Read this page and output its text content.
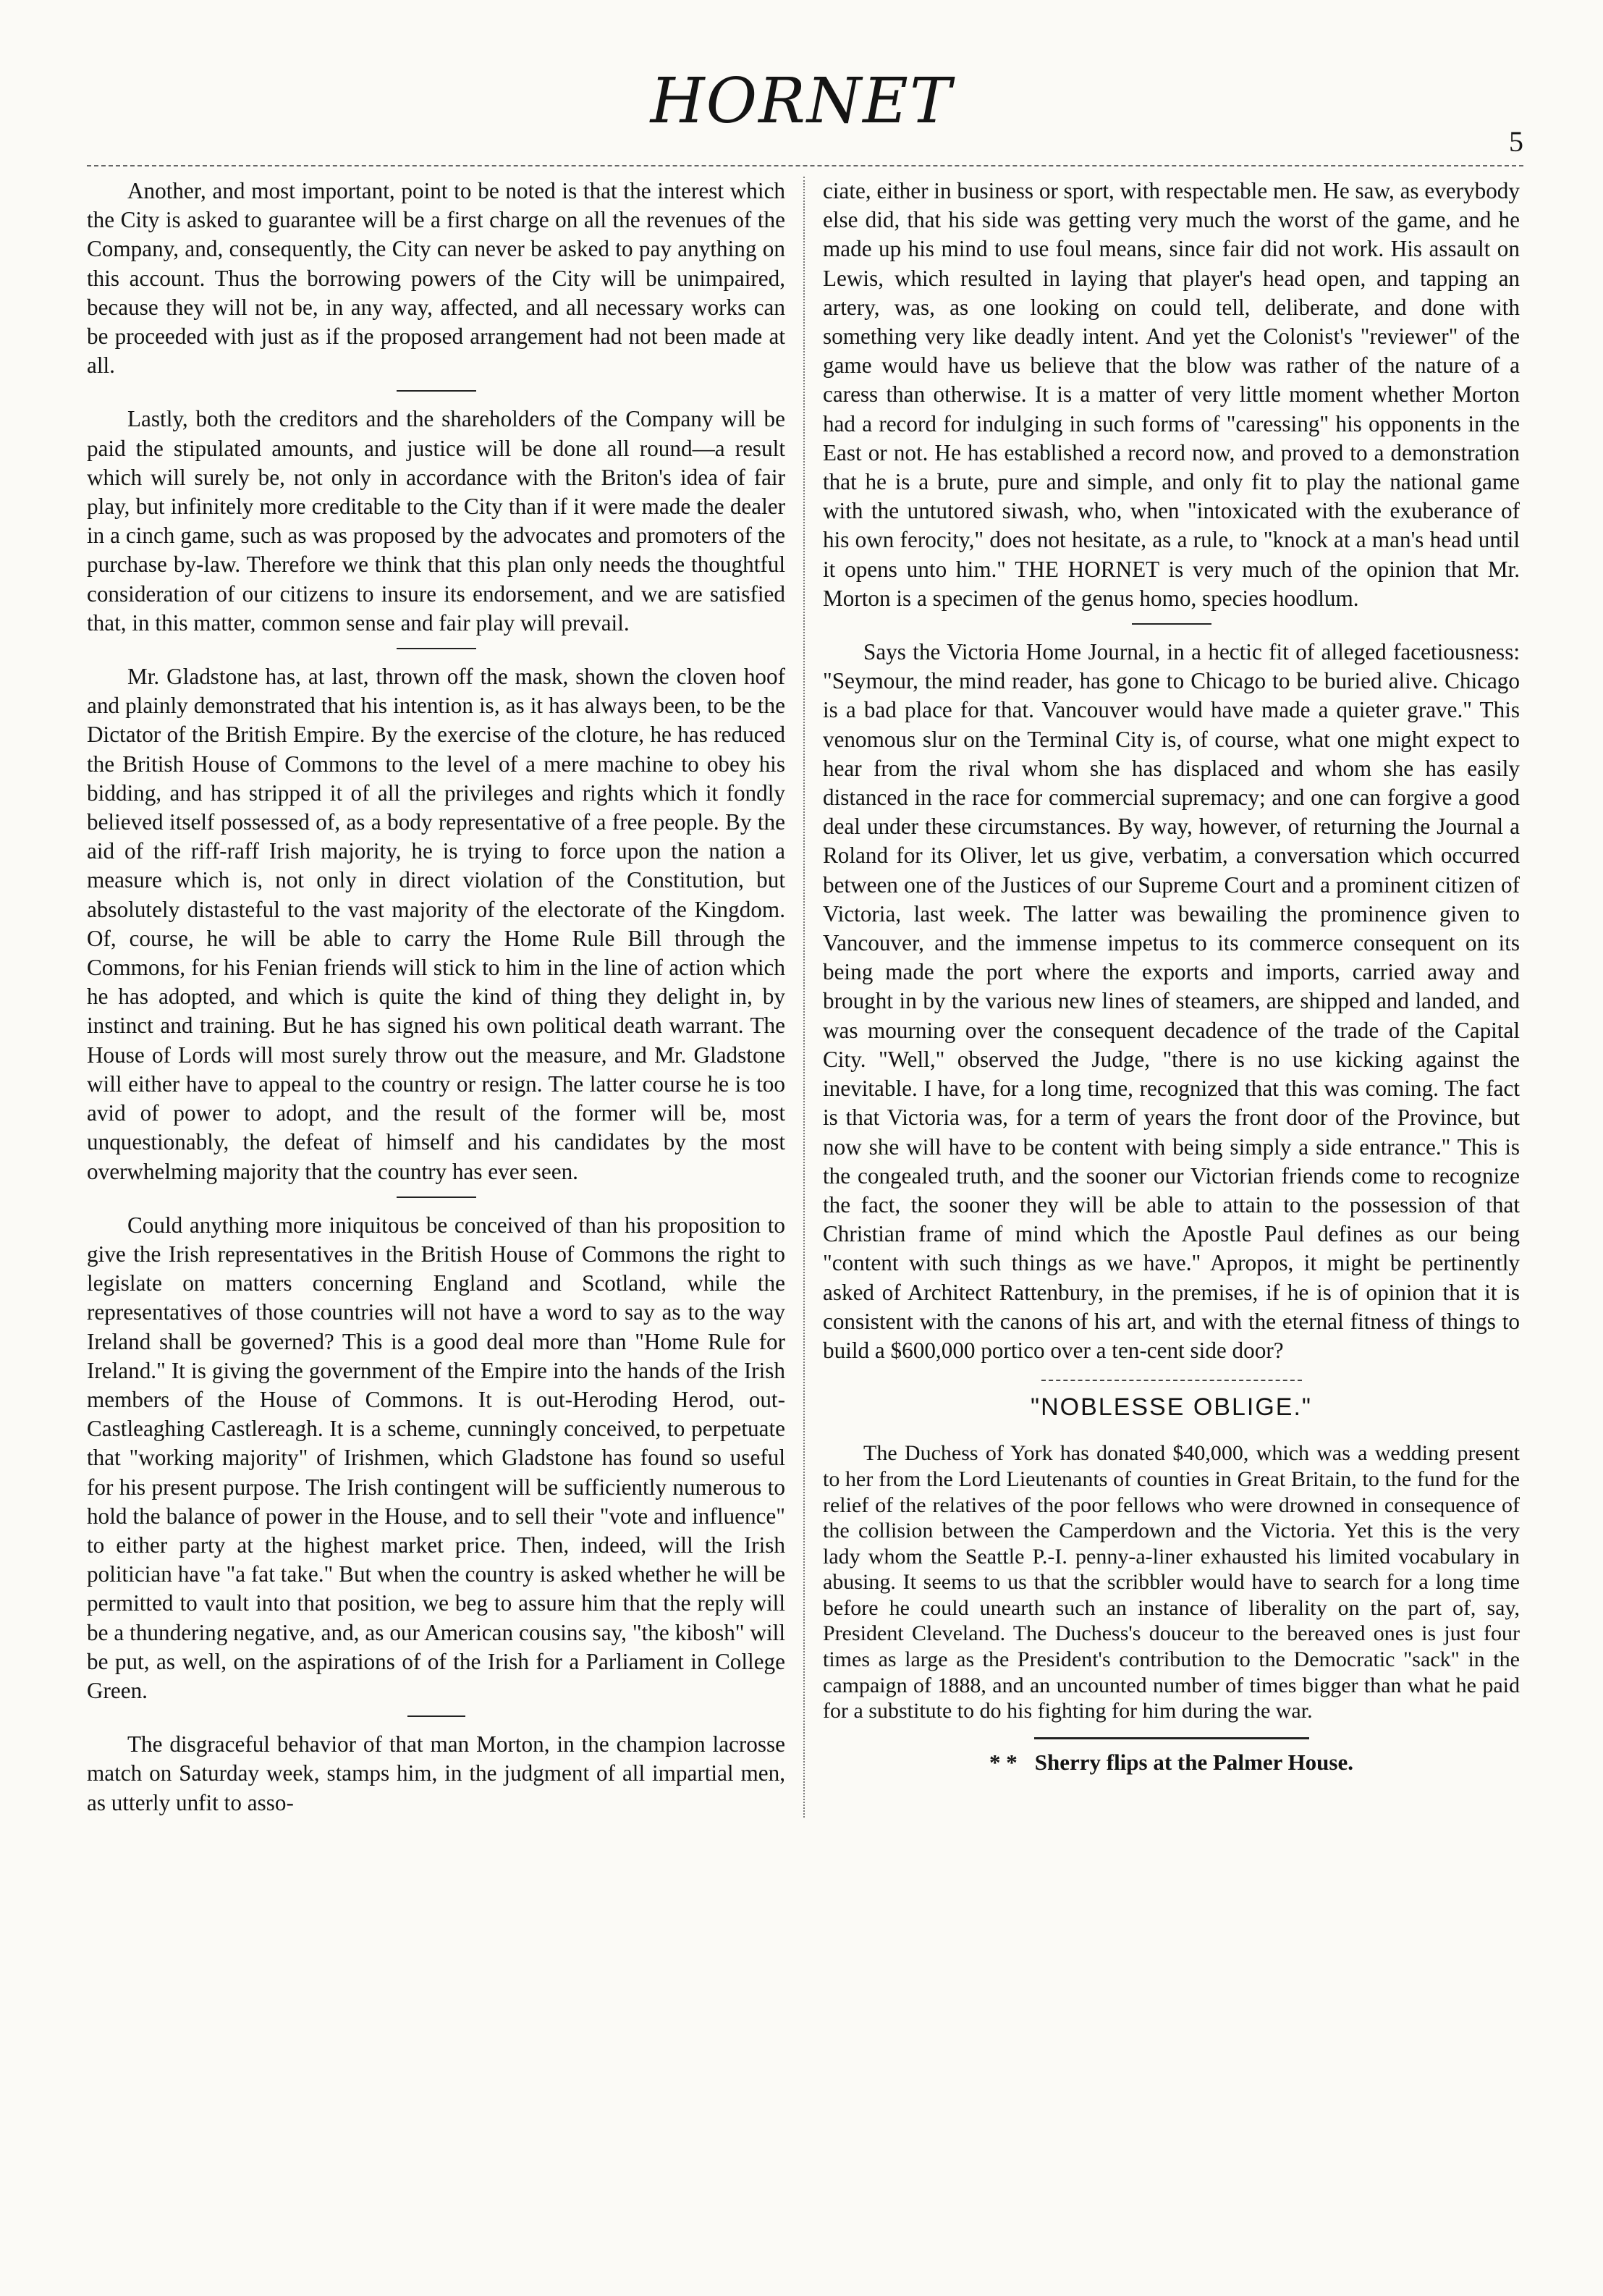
HORNET
5

Another, and most important, point to be noted is that the interest which the City is asked to guarantee will be a first charge on all the revenues of the Company, and, consequently, the City can never be asked to pay anything on this account. Thus the borrowing powers of the City will be unimpaired, because they will not be, in any way, affected, and all necessary works can be proceeded with just as if the proposed arrangement had not been made at all.

Lastly, both the creditors and the shareholders of the Company will be paid the stipulated amounts, and justice will be done all round—a result which will surely be, not only in accordance with the Briton's idea of fair play, but infinitely more creditable to the City than if it were made the dealer in a cinch game, such as was proposed by the advocates and promoters of the purchase by-law. Therefore we think that this plan only needs the thoughtful consideration of our citizens to insure its endorsement, and we are satisfied that, in this matter, common sense and fair play will prevail.

Mr. Gladstone has, at last, thrown off the mask, shown the cloven hoof and plainly demonstrated that his intention is, as it has always been, to be the Dictator of the British Empire. By the exercise of the cloture, he has reduced the British House of Commons to the level of a mere machine to obey his bidding, and has stripped it of all the privileges and rights which it fondly believed itself possessed of, as a body representative of a free people. By the aid of the riff-raff Irish majority, he is trying to force upon the nation a measure which is, not only in direct violation of the Constitution, but absolutely distasteful to the vast majority of the electorate of the Kingdom. Of, course, he will be able to carry the Home Rule Bill through the Commons, for his Fenian friends will stick to him in the line of action which he has adopted, and which is quite the kind of thing they delight in, by instinct and training. But he has signed his own political death warrant. The House of Lords will most surely throw out the measure, and Mr. Gladstone will either have to appeal to the country or resign. The latter course he is too avid of power to adopt, and the result of the former will be, most unquestionably, the defeat of himself and his candidates by the most overwhelming majority that the country has ever seen.

Could anything more iniquitous be conceived of than his proposition to give the Irish representatives in the British House of Commons the right to legislate on matters concerning England and Scotland, while the representatives of those countries will not have a word to say as to the way Ireland shall be governed? This is a good deal more than "Home Rule for Ireland." It is giving the government of the Empire into the hands of the Irish members of the House of Commons. It is out-Heroding Herod, out-Castleaghing Castlereagh. It is a scheme, cunningly conceived, to perpetuate that "working majority" of Irishmen, which Gladstone has found so useful for his present purpose. The Irish contingent will be sufficiently numerous to hold the balance of power in the House, and to sell their "vote and influence" to either party at the highest market price. Then, indeed, will the Irish politician have "a fat take." But when the country is asked whether he will be permitted to vault into that position, we beg to assure him that the reply will be a thundering negative, and, as our American cousins say, "the kibosh" will be put, as well, on the aspirations of of the Irish for a Parliament in College Green.

The disgraceful behavior of that man Morton, in the champion lacrosse match on Saturday week, stamps him, in the judgment of all impartial men, as utterly unfit to asso-

ciate, either in business or sport, with respectable men. He saw, as everybody else did, that his side was getting very much the worst of the game, and he made up his mind to use foul means, since fair did not work. His assault on Lewis, which resulted in laying that player's head open, and tapping an artery, was, as one looking on could tell, deliberate, and done with something very like deadly intent. And yet the Colonist's "reviewer" of the game would have us believe that the blow was rather of the nature of a caress than otherwise. It is a matter of very little moment whether Morton had a record for indulging in such forms of "caressing" his opponents in the East or not. He has established a record now, and proved to a demonstration that he is a brute, pure and simple, and only fit to play the national game with the untutored siwash, who, when "intoxicated with the exuberance of his own ferocity," does not hesitate, as a rule, to "knock at a man's head until it opens unto him." THE HORNET is very much of the opinion that Mr. Morton is a specimen of the genus homo, species hoodlum.

Says the Victoria Home Journal, in a hectic fit of alleged facetiousness: "Seymour, the mind reader, has gone to Chicago to be buried alive. Chicago is a bad place for that. Vancouver would have made a quieter grave." This venomous slur on the Terminal City is, of course, what one might expect to hear from the rival whom she has displaced and whom she has easily distanced in the race for commercial supremacy; and one can forgive a good deal under these circumstances. By way, however, of returning the Journal a Roland for its Oliver, let us give, verbatim, a conversation which occurred between one of the Justices of our Supreme Court and a prominent citizen of Victoria, last week. The latter was bewailing the prominence given to Vancouver, and the immense impetus to its commerce consequent on its being made the port where the exports and imports, carried away and brought in by the various new lines of steamers, are shipped and landed, and was mourning over the consequent decadence of the trade of the Capital City. "Well," observed the Judge, "there is no use kicking against the inevitable. I have, for a long time, recognized that this was coming. The fact is that Victoria was, for a term of years the front door of the Province, but now she will have to be content with being simply a side entrance." This is the congealed truth, and the sooner our Victorian friends come to recognize the fact, the sooner they will be able to attain to the possession of that Christian frame of mind which the Apostle Paul defines as our being "content with such things as we have." Apropos, it might be pertinently asked of Architect Rattenbury, in the premises, if he is of opinion that it is consistent with the canons of his art, and with the eternal fitness of things to build a $600,000 portico over a ten-cent side door?

"NOBLESSE OBLIGE."

The Duchess of York has donated $40,000, which was a wedding present to her from the Lord Lieutenants of counties in Great Britain, to the fund for the relief of the relatives of the poor fellows who were drowned in consequence of the collision between the Camperdown and the Victoria. Yet this is the very lady whom the Seattle P.-I. penny-a-liner exhausted his limited vocabulary in abusing. It seems to us that the scribbler would have to search for a long time before he could unearth such an instance of liberality on the part of, say, President Cleveland. The Duchess's douceur to the bereaved ones is just four times as large as the President's contribution to the Democratic "sack" in the campaign of 1888, and an uncounted number of times bigger than what he paid for a substitute to do his fighting for him during the war.

* * Sherry flips at the Palmer House.
